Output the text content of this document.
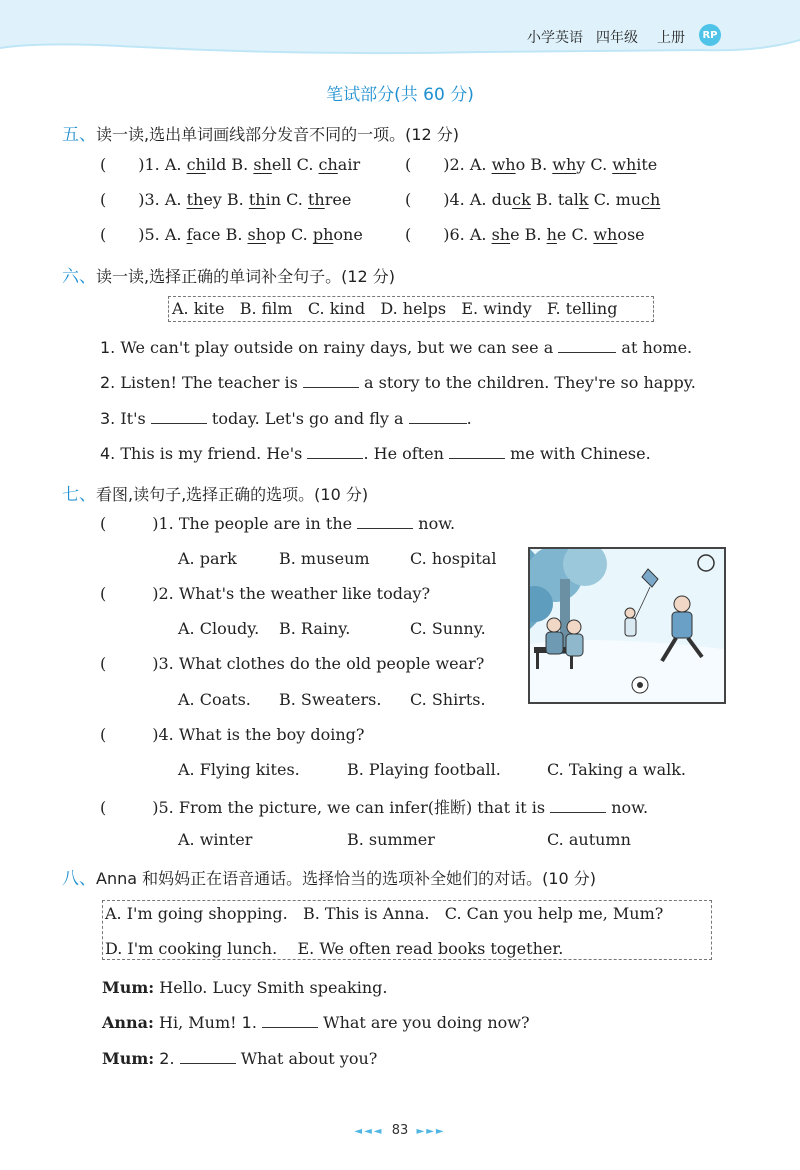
小学英语 四年级 上册	RP
笔试部分(共 60 分)
五、读一读,选出单词画线部分发音不同的一项。(12 分)
( )1. A. child B. shell C. chair	( )2. A. who B. why C. white
( )3. A. they B. thin C. three	( )4. A. duck B. talk C. much
( )5. A. face B. shop C. phone	( )6. A. she B. he C. whose
六、读一读,选择正确的单词补全句子。(12 分)
A. kite B. film C. kind D. helps E. windy F. telling
1. We can't play outside on rainy days, but we can see a	at home.
2. Listen! The teacher is	a story to the children. They're so happy.
3. It's	today. Let's go and fly a	.
4. This is my friend. He's	. He often	me with Chinese.
七、看图,读句子,选择正确的选项。(10 分)
(	)1. The people are in the	now.
A. park	B. museum	C. hospital
(	)2. What's the weather like today?
A. Cloudy. B. Rainy.	C. Sunny.
(	)3. What clothes do the old people wear?
A. Coats. B. Sweaters. C. Shirts.
(	)4. What is the boy doing?
A. Flying kites.	B. Playing football.	C. Taking a walk.
(	)5. From the picture, we can infer(推断) that it is	now.
A. winter	B. summer	C. autumn
八、Anna 和妈妈正在语音通话。选择恰当的选项补全她们的对话。(10 分)
A. I'm going shopping. B. This is Anna. C. Can you help me, Mum?
D. I'm cooking lunch. E. We often read books together.
Mum: Hello. Lucy Smith speaking.
Anna: Hi, Mum! 1.	What are you doing now?
Mum: 2.	What about you?
◄◄◄ 83 ►►►
